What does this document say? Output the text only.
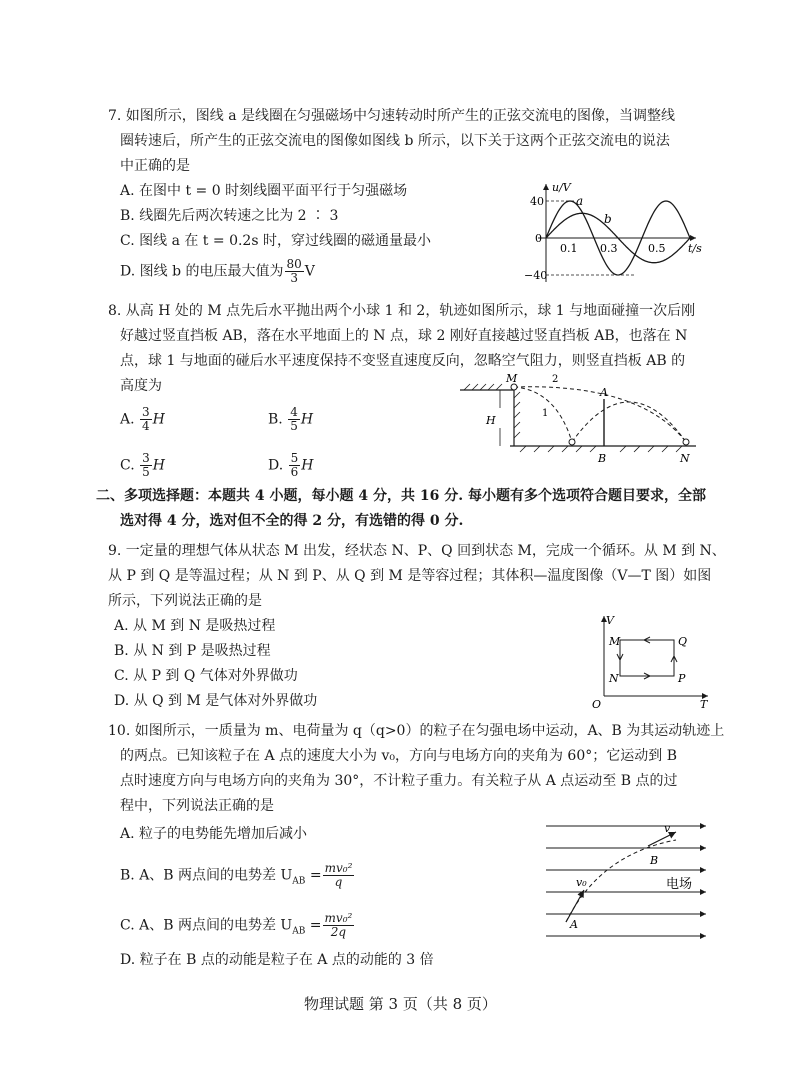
7. 如图所示，图线 a 是线圈在匀强磁场中匀速转动时所产生的正弦交流电的图像，当调整线
圈转速后，所产生的正弦交流电的图像如图线 b 所示，以下关于这两个正弦交流电的说法
中正确的是
A. 在图中 t = 0 时刻线圈平面平行于匀强磁场
B. 线圈先后两次转速之比为 2 ∶ 3
C. 图线 a 在 t = 0.2s 时，穿过线圈的磁通量最小
D. 图线 b 的电压最大值为 $\frac{80}{3}$ V
u/V
t/s
40
−40
0
0.1 0.3	0.5
a
b
8. 从高 H 处的 M 点先后水平抛出两个小球 1 和 2，轨迹如图所示，球 1 与地面碰撞一次后刚
好越过竖直挡板 AB，落在水平地面上的 N 点，球 2 刚好直接越过竖直挡板 AB，也落在 N
点，球 1 与地面的碰后水平速度保持不变竖直速度反向，忽略空气阻力，则竖直挡板 AB 的
高度为
A. $\frac{3}{4}$ H	B. $\frac{4}{5}$ H
C. $\frac{3}{5}$ H	D. $\frac{5}{6}$ H
M
A
B	N
H
1
2
二、多项选择题：本题共 4 小题，每小题 4 分，共 16 分. 每小题有多个选项符合题目要求，全部
选对得 4 分，选对但不全的得 2 分，有选错的得 0 分.
9. 一定量的理想气体从状态 M 出发，经状态 N、P、Q 回到状态 M，完成一个循环。从 M 到 N、
从 P 到 Q 是等温过程；从 N 到 P、从 Q 到 M 是等容过程；其体积—温度图像（V—T 图）如图
所示，下列说法正确的是
A. 从 M 到 N 是吸热过程
B. 从 N 到 P 是吸热过程
C. 从 P 到 Q 气体对外界做功
D. 从 Q 到 M 是气体对外界做功
V
T
O
M
N	P
Q
10. 如图所示，一质量为 m、电荷量为 q（q>0）的粒子在匀强电场中运动，A、B 为其运动轨迹上
的两点。已知该粒子在 A 点的速度大小为 v₀，方向与电场方向的夹角为 60°；它运动到 B
点时速度方向与电场方向的夹角为 30°，不计粒子重力。有关粒子从 A 点运动至 B 点的过
程中，下列说法正确的是
A. 粒子的电势能先增加后减小
B. A、B 两点间的电势差 $U_{AB} = \frac{\text{mv₀²}}{q}$
C. A、B 两点间的电势差 $U_{AB} = \frac{\text{mv₀²}}{2q}$
D. 粒子在 B 点的动能是粒子在 A 点的动能的 3 倍
电场
A
B
v₀
v
物理试题 第 3 页（共 8 页）
